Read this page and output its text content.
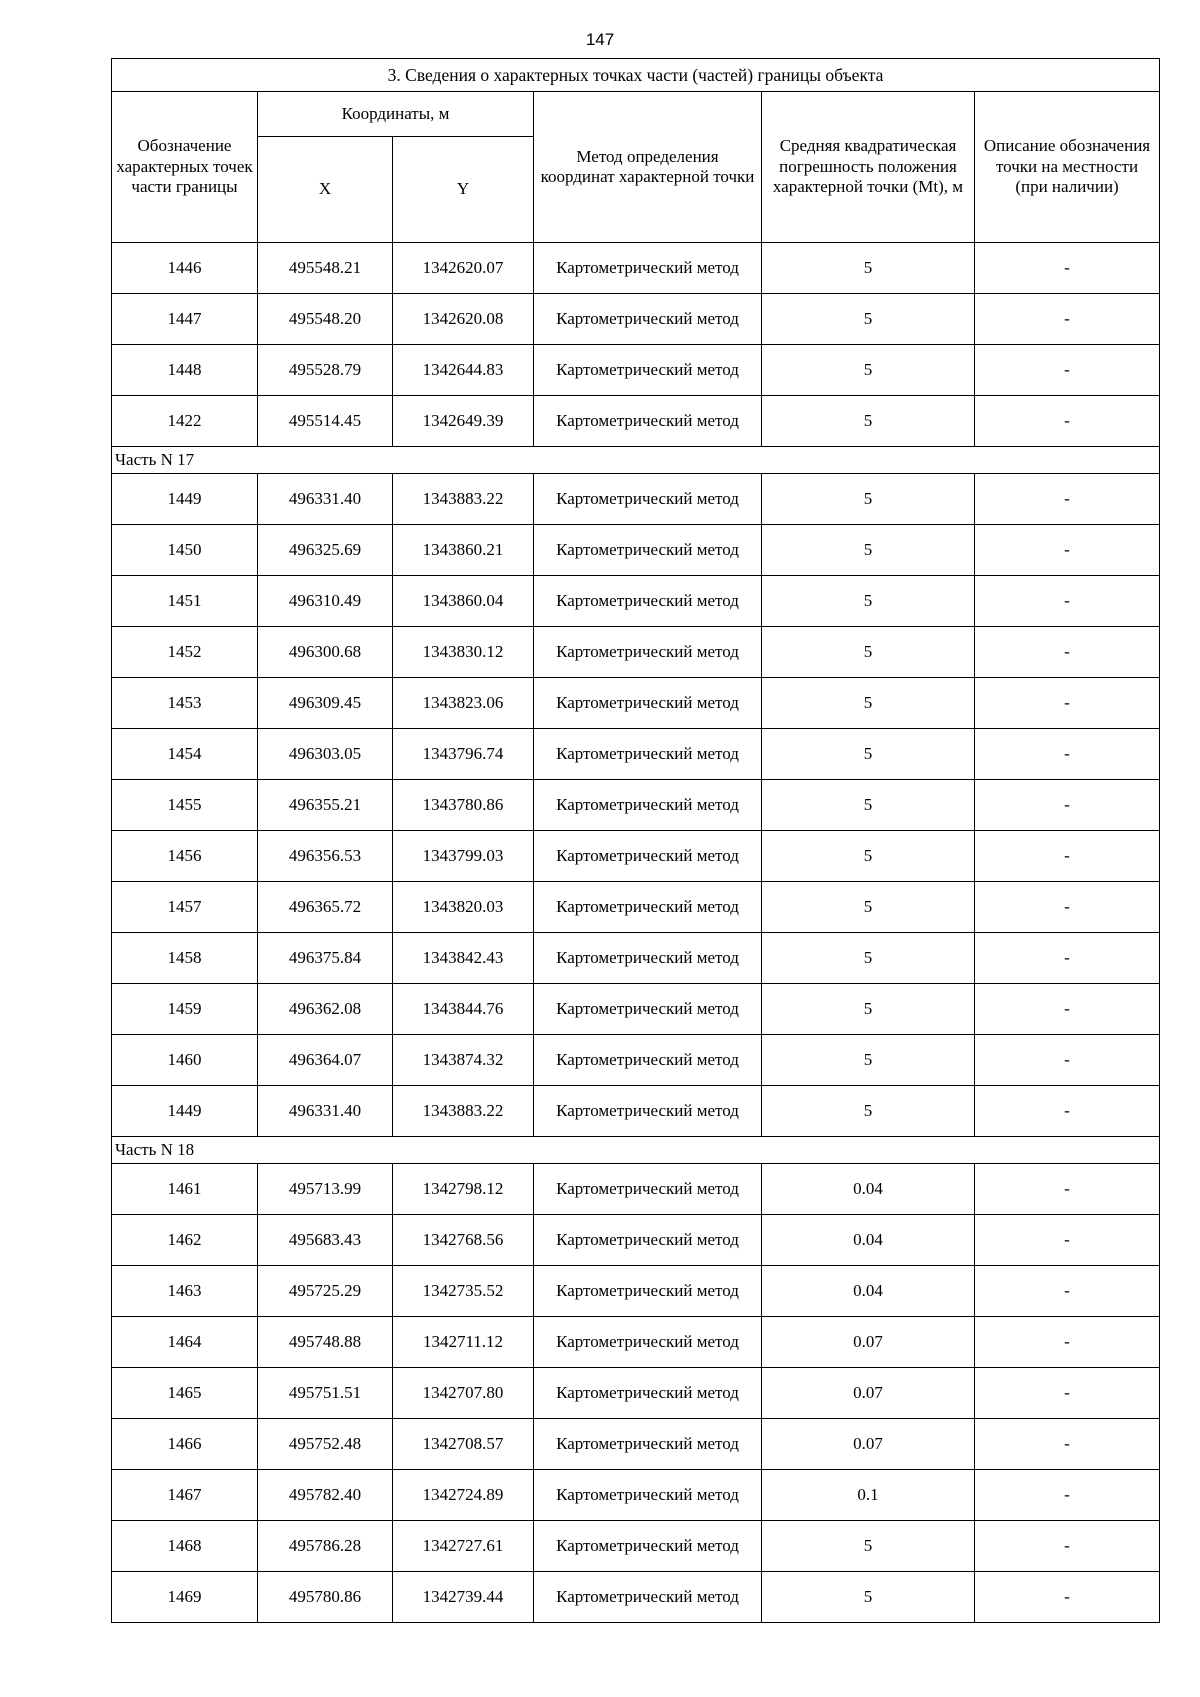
147
3. Сведения о характерных точках части (частей) границы объекта					
Обозначение характерных точек части границы	Координаты, м		Метод определения координат характерной точки	Средняя квадратическая погрешность положения характерной точки (Mt), м	Описание обозначения точки на местности (при наличии)
	X	Y			
1446	495548.21	1342620.07	Картометрический метод	5	-
1447	495548.20	1342620.08	Картометрический метод	5	-
1448	495528.79	1342644.83	Картометрический метод	5	-
1422	495514.45	1342649.39	Картометрический метод	5	-
Часть N 17					
1449	496331.40	1343883.22	Картометрический метод	5	-
1450	496325.69	1343860.21	Картометрический метод	5	-
1451	496310.49	1343860.04	Картометрический метод	5	-
1452	496300.68	1343830.12	Картометрический метод	5	-
1453	496309.45	1343823.06	Картометрический метод	5	-
1454	496303.05	1343796.74	Картометрический метод	5	-
1455	496355.21	1343780.86	Картометрический метод	5	-
1456	496356.53	1343799.03	Картометрический метод	5	-
1457	496365.72	1343820.03	Картометрический метод	5	-
1458	496375.84	1343842.43	Картометрический метод	5	-
1459	496362.08	1343844.76	Картометрический метод	5	-
1460	496364.07	1343874.32	Картометрический метод	5	-
1449	496331.40	1343883.22	Картометрический метод	5	-
Часть N 18					
1461	495713.99	1342798.12	Картометрический метод	0.04	-
1462	495683.43	1342768.56	Картометрический метод	0.04	-
1463	495725.29	1342735.52	Картометрический метод	0.04	-
1464	495748.88	1342711.12	Картометрический метод	0.07	-
1465	495751.51	1342707.80	Картометрический метод	0.07	-
1466	495752.48	1342708.57	Картометрический метод	0.07	-
1467	495782.40	1342724.89	Картометрический метод	0.1	-
1468	495786.28	1342727.61	Картометрический метод	5	-
1469	495780.86	1342739.44	Картометрический метод	5	-
